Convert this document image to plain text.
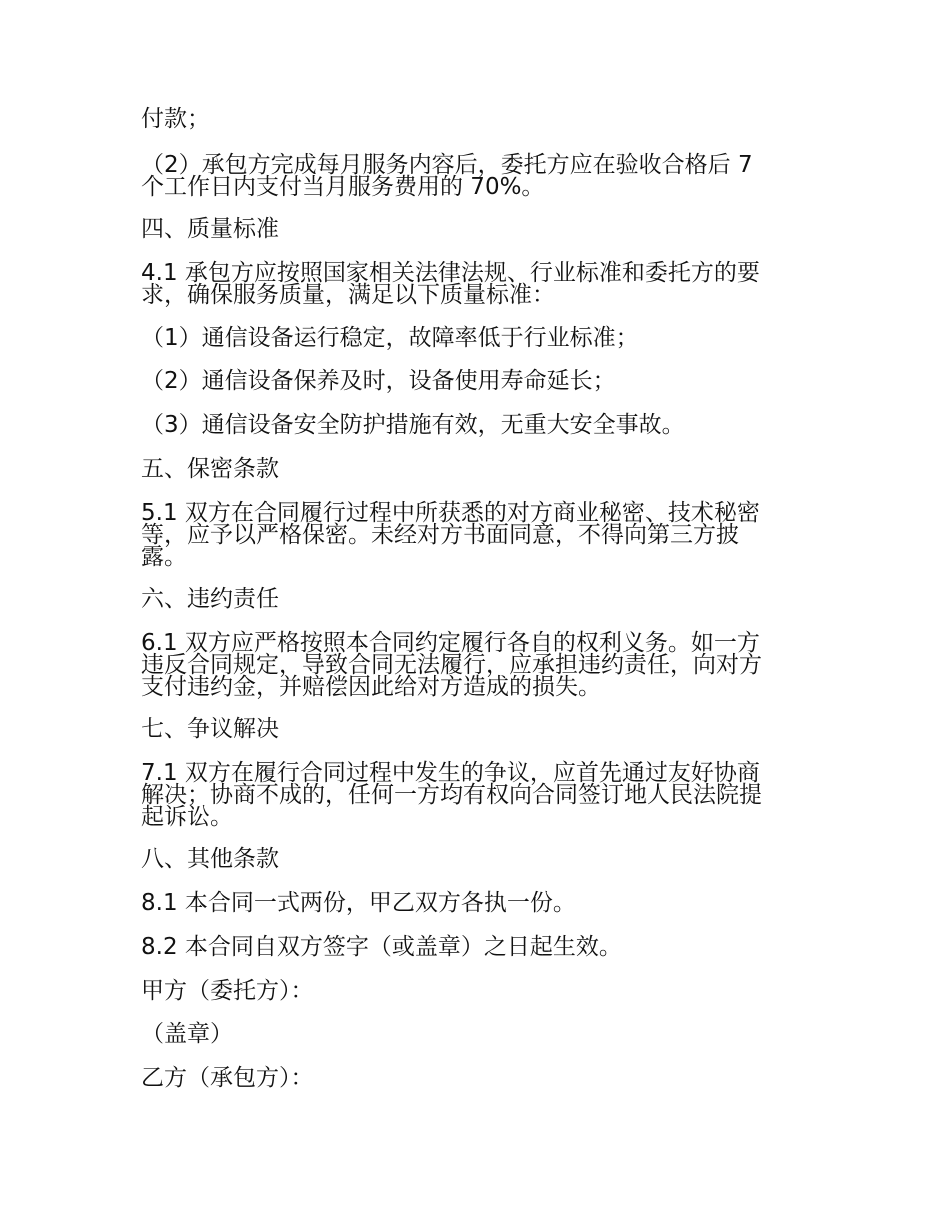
付款；

（2）承包方完成每月服务内容后，委托方应在验收合格后 7
个工作日内支付当月服务费用的 70%。

四、质量标准

4.1 承包方应按照国家相关法律法规、行业标准和委托方的要
求，确保服务质量，满足以下质量标准：

（1）通信设备运行稳定，故障率低于行业标准；

（2）通信设备保养及时，设备使用寿命延长；

（3）通信设备安全防护措施有效，无重大安全事故。

五、保密条款

5.1 双方在合同履行过程中所获悉的对方商业秘密、技术秘密
等，应予以严格保密。未经对方书面同意，不得向第三方披
露。

六、违约责任

6.1 双方应严格按照本合同约定履行各自的权利义务。如一方
违反合同规定，导致合同无法履行，应承担违约责任，向对方
支付违约金，并赔偿因此给对方造成的损失。

七、争议解决

7.1 双方在履行合同过程中发生的争议，应首先通过友好协商
解决；协商不成的，任何一方均有权向合同签订地人民法院提
起诉讼。

八、其他条款

8.1 本合同一式两份，甲乙双方各执一份。

8.2 本合同自双方签字（或盖章）之日起生效。

甲方（委托方）：

（盖章）

乙方（承包方）：
